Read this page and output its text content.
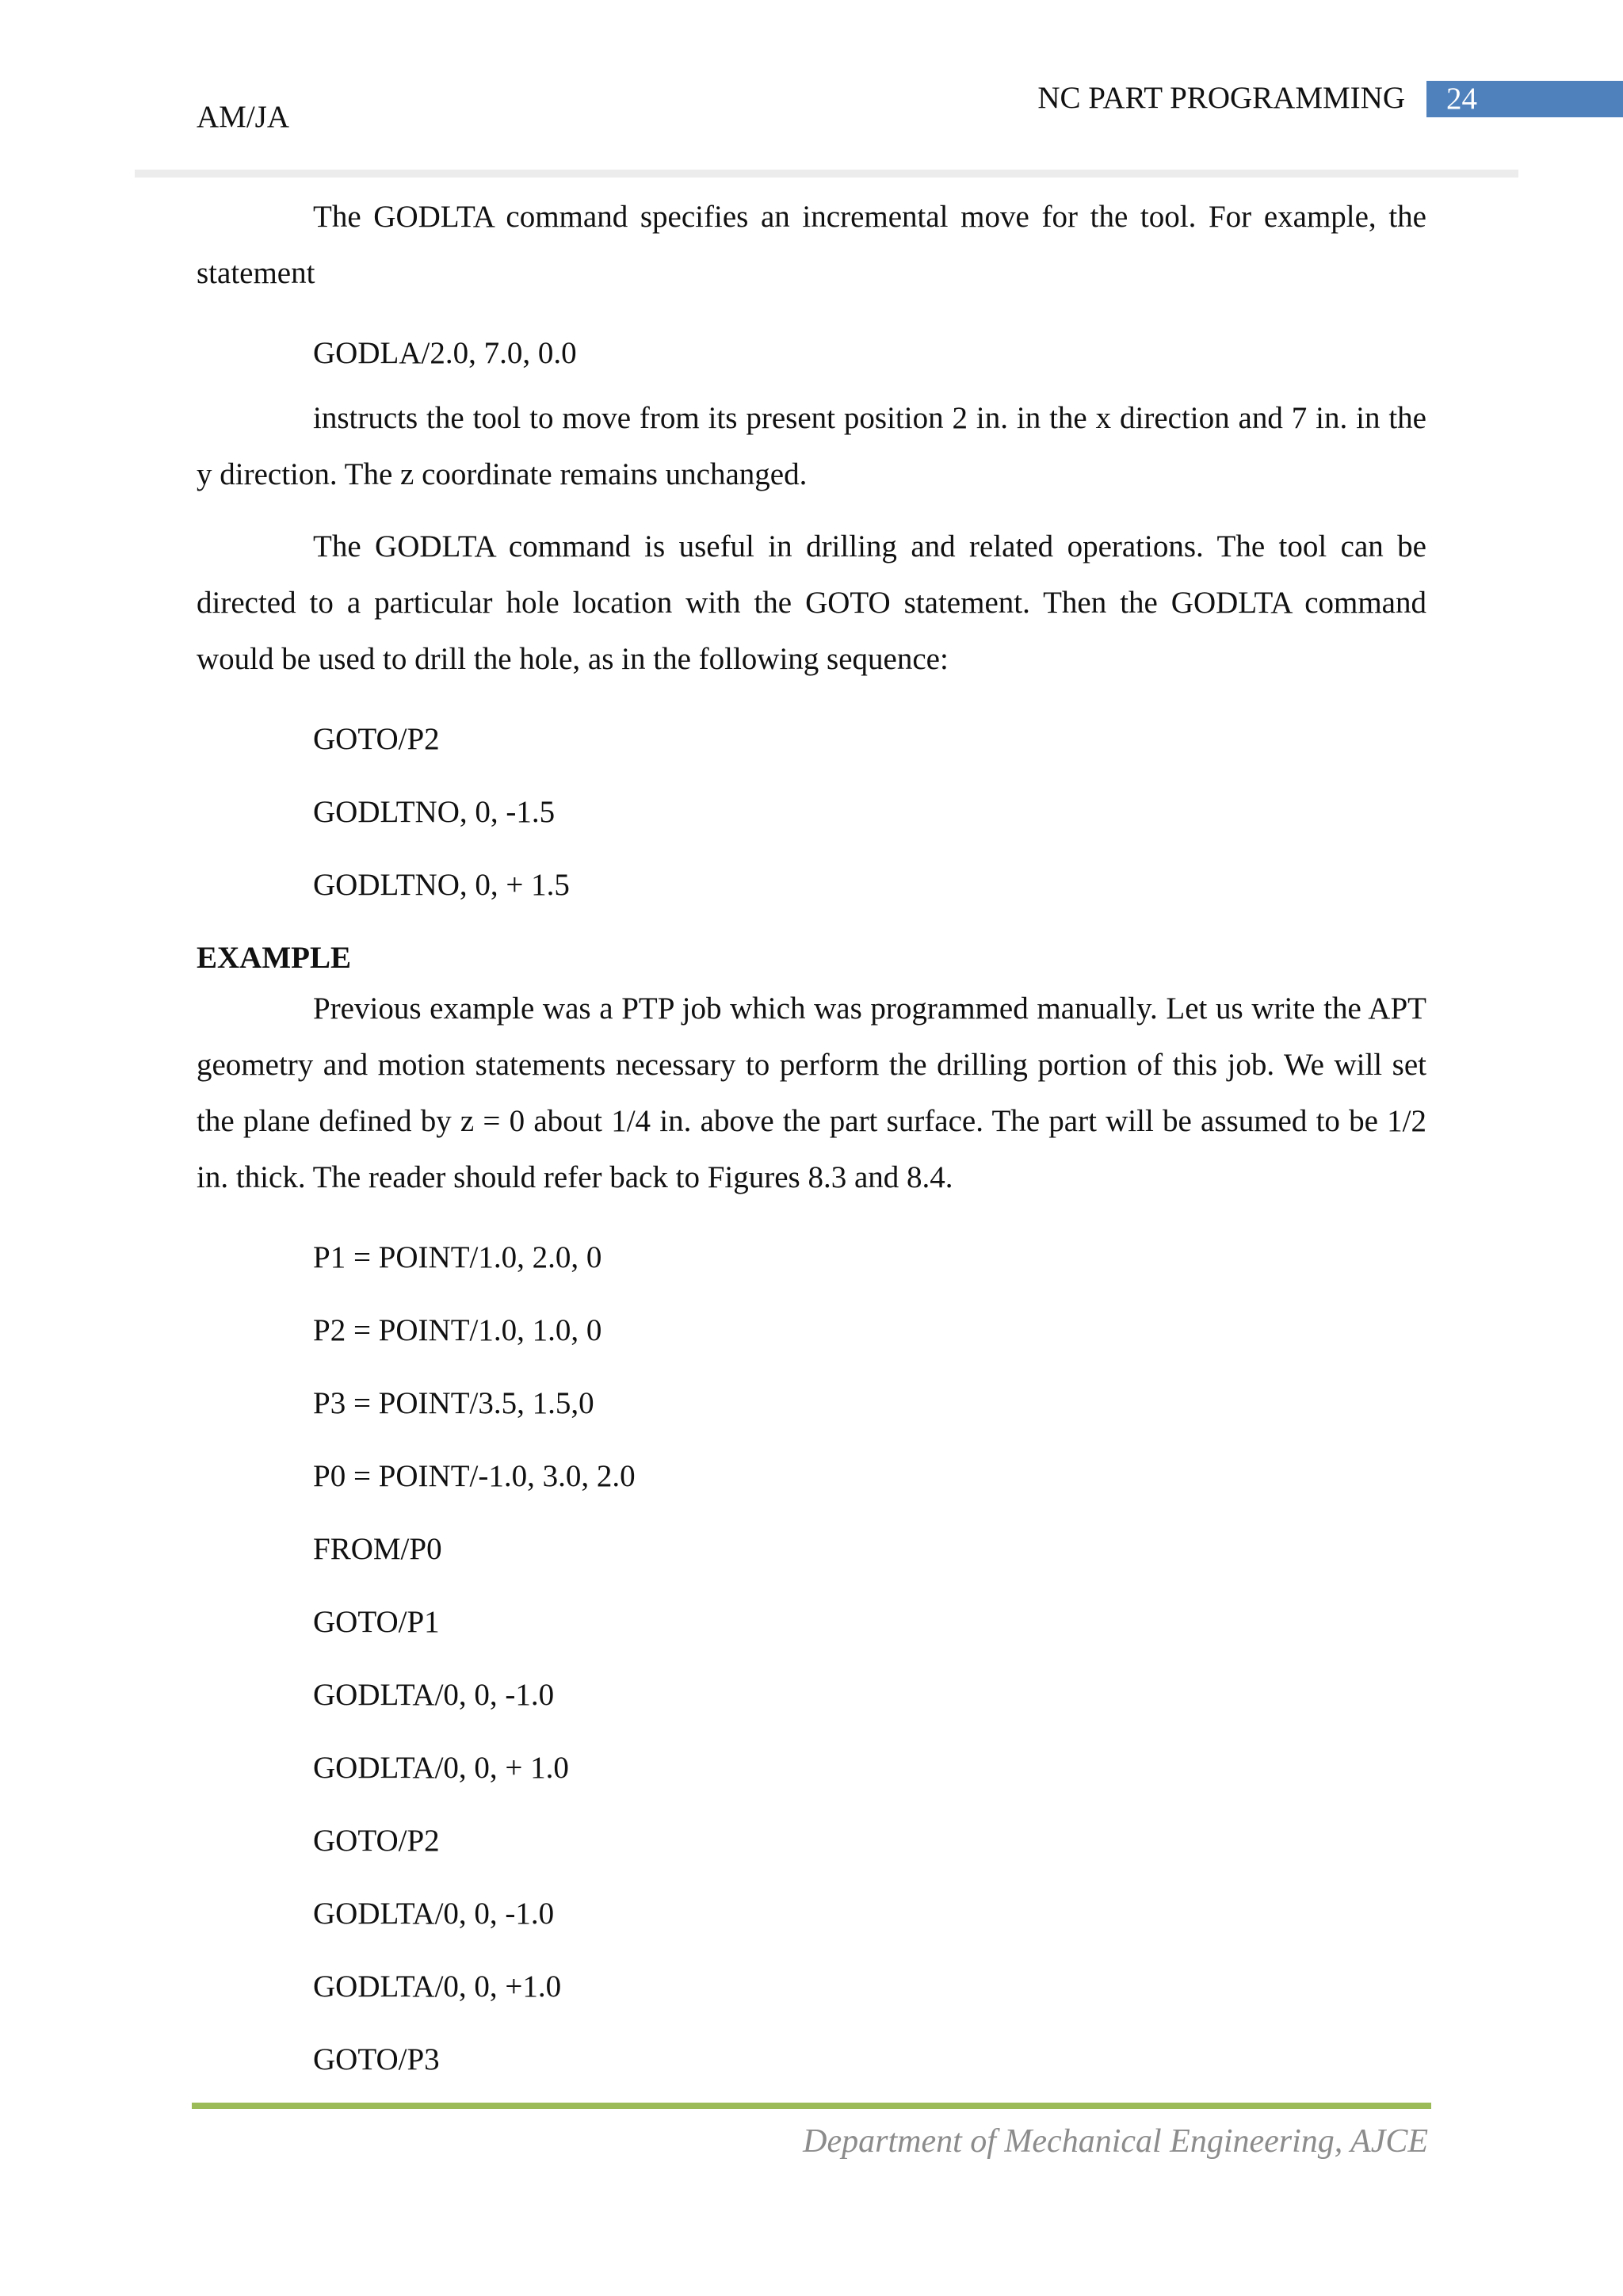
AM/JA
NC PART PROGRAMMING	24

The GODLTA command specifies an incremental move for the tool. For example, the statement

GODLA/2.0, 7.0, 0.0

instructs the tool to move from its present position 2 in. in the x direction and 7 in. in the y direction. The z coordinate remains unchanged.

The GODLTA command is useful in drilling and related operations. The tool can be directed to a particular hole location with the GOTO statement. Then the GODLTA command would be used to drill the hole, as in the following sequence:

GOTO/P2

GODLTNO, 0, -1.5

GODLTNO, 0, + 1.5

EXAMPLE

Previous example was a PTP job which was programmed manually. Let us write the APT geometry and motion statements necessary to perform the drilling portion of this job. We will set the plane defined by z = 0 about 1/4 in. above the part surface. The part will be assumed to be 1/2 in. thick. The reader should refer back to Figures 8.3 and 8.4.

P1 = POINT/1.0, 2.0, 0

P2 = POINT/1.0, 1.0, 0

P3 = POINT/3.5, 1.5,0

P0 = POINT/-1.0, 3.0, 2.0

FROM/P0

GOTO/P1

GODLTA/0, 0, -1.0

GODLTA/0, 0, + 1.0

GOTO/P2

GODLTA/0, 0, -1.0

GODLTA/0, 0, +1.0

GOTO/P3

Department of Mechanical Engineering, AJCE
